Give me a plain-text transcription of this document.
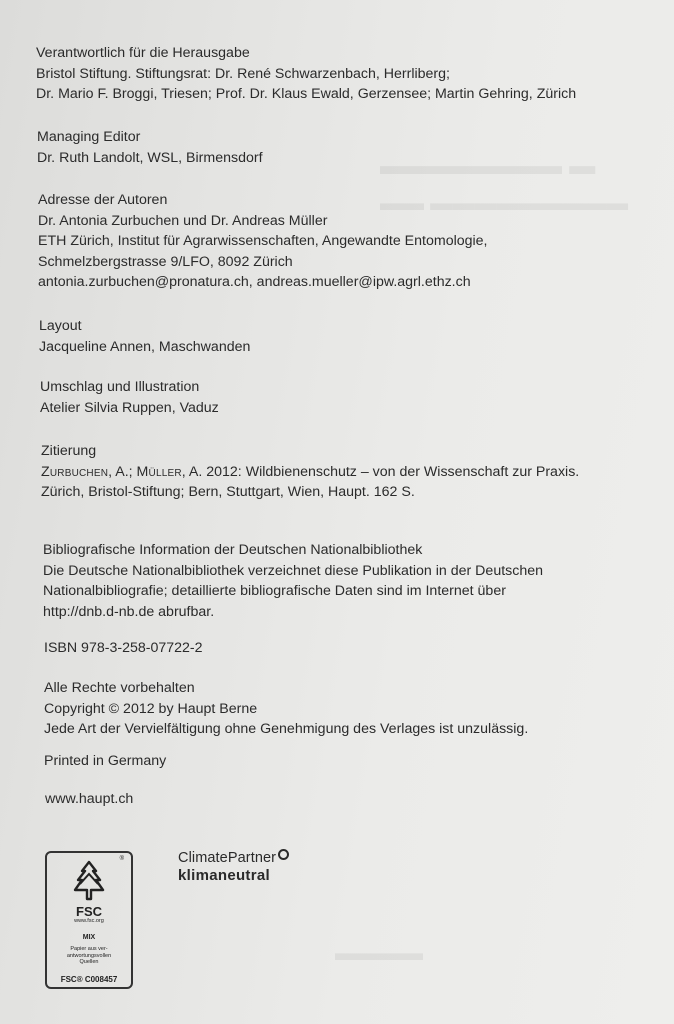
▬▬▬▬▬▬▬ ▬
▬▬ ▬▬▬▬▬▬▬▬▬
▬▬▬▬
Verantwortlich für die Herausgabe
Bristol Stiftung. Stiftungsrat: Dr. René Schwarzenbach, Herrliberg;
Dr. Mario F. Broggi, Triesen; Prof. Dr. Klaus Ewald, Gerzensee; Martin Gehring, Zürich
Managing Editor
Dr. Ruth Landolt, WSL, Birmensdorf
Adresse der Autoren
Dr. Antonia Zurbuchen und Dr. Andreas Müller
ETH Zürich, Institut für Agrarwissenschaften, Angewandte Entomologie,
Schmelzbergstrasse 9/LFO, 8092 Zürich
antonia.zurbuchen@pronatura.ch, andreas.mueller@ipw.agrl.ethz.ch
Layout
Jacqueline Annen, Maschwanden
Umschlag und Illustration
Atelier Silvia Ruppen, Vaduz
Zitierung
Zurbuchen, A.; Müller, A. 2012: Wildbienenschutz – von der Wissenschaft zur Praxis.
Zürich, Bristol-Stiftung; Bern, Stuttgart, Wien, Haupt. 162 S.
Bibliografische Information der Deutschen Nationalbibliothek
Die Deutsche Nationalbibliothek verzeichnet diese Publikation in der Deutschen
Nationalbibliografie; detaillierte bibliografische Daten sind im Internet über
http://dnb.d-nb.de abrufbar.
ISBN 978-3-258-07722-2
Alle Rechte vorbehalten
Copyright © 2012 by Haupt Berne
Jede Art der Vervielfältigung ohne Genehmigung des Verlages ist unzulässig.
Printed in Germany
www.haupt.ch
®
FSC
www.fsc.org
MIX
Papier aus ver-
antwortungsvollen
Quellen
FSC® C008457
ClimatePartner
klimaneutral
